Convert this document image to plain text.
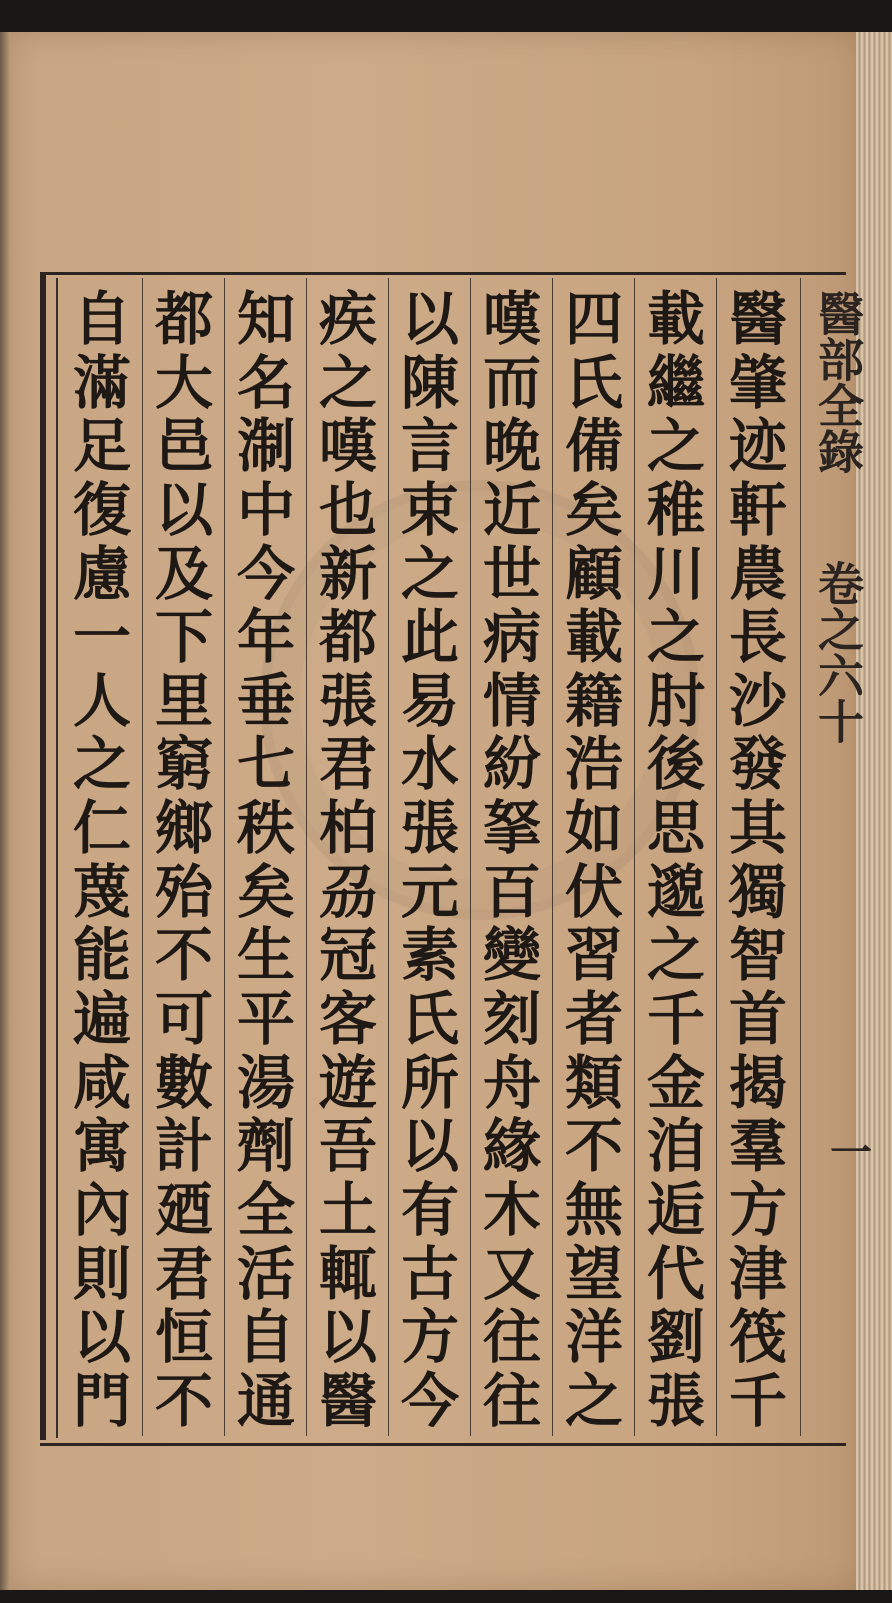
醫部全錄
卷之六十
一
醫
肇
迹
軒
農
長
沙
發
其
獨
智
首
揭
羣
方
津
筏
千
載
繼
之
稚
川
之
肘
後
思
邈
之
千
金
洎
逅
代
劉
張
四
氏
備
矣
顧
載
籍
浩
如
伏
習
者
類
不
無
望
洋
之
嘆
而
晚
近
世
病
情
紛
拏
百
變
刻
舟
緣
木
又
往
往
以
陳
言
束
之
此
易
水
張
元
素
氏
所
以
有
古
方
今
疾
之
嘆
也
新
都
張
君
柏
刕
冠
客
遊
吾
土
輒
以
醫
知
名
淛
中
今
年
垂
七
秩
矣
生
平
湯
劑
全
活
自
通
都
大
邑
以
及
下
里
窮
鄉
殆
不
可
數
計
廼
君
恒
不
自
滿
足
復
慮
一
人
之
仁
蔑
能
遍
咸
寓
內
則
以
門
